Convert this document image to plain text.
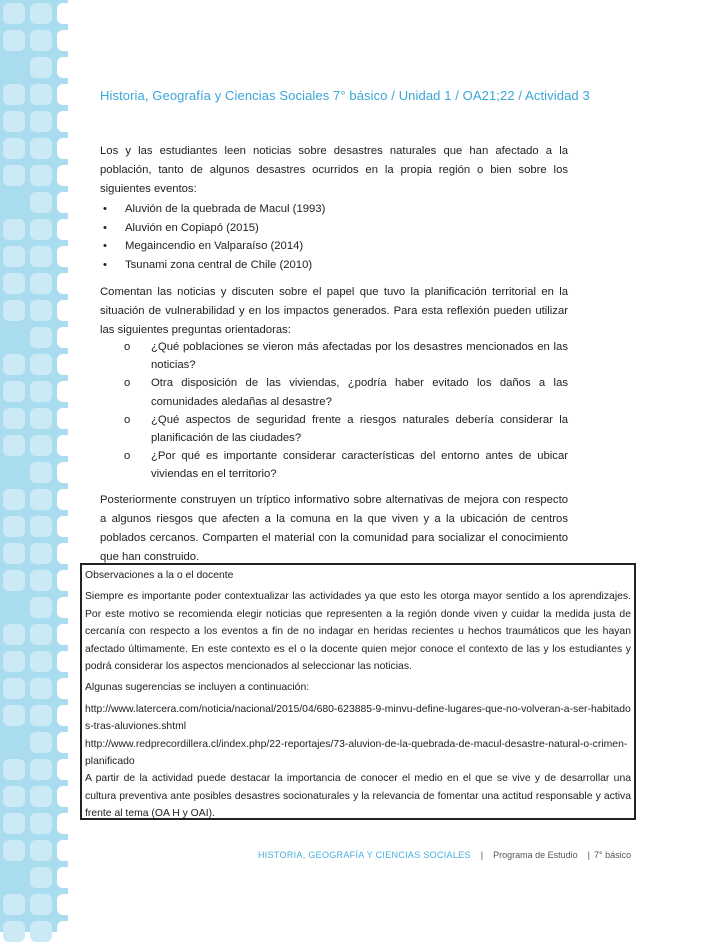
Historia, Geografía y Ciencias Sociales 7° básico / Unidad 1 / OA21;22 / Actividad 3
Los y las estudiantes leen noticias sobre desastres naturales que han afectado a la población, tanto de algunos desastres ocurridos en la propia región o bien sobre los siguientes eventos:
• Aluvión de la quebrada de Macul (1993)
• Aluvión en Copiapó (2015)
• Megaincendio en Valparaíso (2014)
• Tsunami zona central de Chile (2010)
Comentan las noticias y discuten sobre el papel que tuvo la planificación territorial en la situación de vulnerabilidad y en los impactos generados. Para esta reflexión pueden utilizar las siguientes preguntas orientadoras:
o ¿Qué poblaciones se vieron más afectadas por los desastres mencionados en las noticias?
o Otra disposición de las viviendas, ¿podría haber evitado los daños a las comunidades aledañas al desastre?
o ¿Qué aspectos de seguridad frente a riesgos naturales debería considerar la planificación de las ciudades?
o ¿Por qué es importante considerar características del entorno antes de ubicar viviendas en el territorio?
Posteriormente construyen un tríptico informativo sobre alternativas de mejora con respecto a algunos riesgos que afecten a la comuna en la que viven y a la ubicación de centros poblados cercanos. Comparten el material con la comunidad para socializar el conocimiento que han construido.

Observaciones a la o el docente

Siempre es importante poder contextualizar las actividades ya que esto les otorga mayor sentido a los aprendizajes. Por este motivo se recomienda elegir noticias que representen a la región donde viven y cuidar la medida justa de cercanía con respecto a los eventos a fin de no indagar en heridas recientes u hechos traumáticos que les hayan afectado últimamente. En este contexto es el o la docente quien mejor conoce el contexto de las y los estudiantes y podrá considerar los aspectos mencionados al seleccionar las noticias.

Algunas sugerencias se incluyen a continuación:

http://www.latercera.com/noticia/nacional/2015/04/680-623885-9-minvu-define-lugares-que-no-volveran-a-ser-habitados-tras-aluviones.shtml

http://www.redprecordillera.cl/index.php/22-reportajes/73-aluvion-de-la-quebrada-de-macul-desastre-natural-o-crimen-planificado

A partir de la actividad puede destacar la importancia de conocer el medio en el que se vive y de desarrollar una cultura preventiva ante posibles desastres socionaturales y la relevancia de fomentar una actitud responsable y activa frente al tema (OA H y OAI).

HISTORIA, GEOGRAFÍA Y CIENCIAS SOCIALES | Programa de Estudio | 7° básico
